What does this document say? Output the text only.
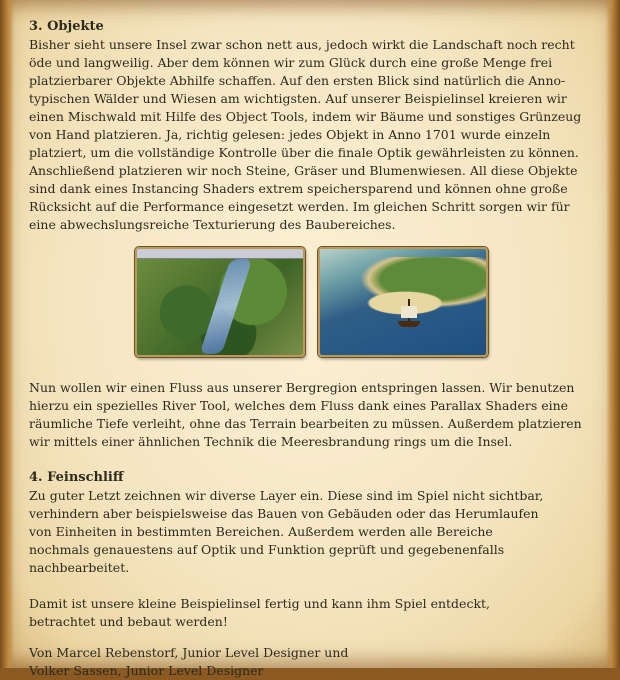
3. Objekte

Bisher sieht unsere Insel zwar schon nett aus, jedoch wirkt die Landschaft noch recht öde und langweilig. Aber dem können wir zum Glück durch eine große Menge frei platzierbarer Objekte Abhilfe schaffen. Auf den ersten Blick sind natürlich die Anno-typischen Wälder und Wiesen am wichtigsten. Auf unserer Beispielinsel kreieren wir einen Mischwald mit Hilfe des Object Tools, indem wir Bäume und sonstiges Grünzeug von Hand platzieren. Ja, richtig gelesen: jedes Objekt in Anno 1701 wurde einzeln platziert, um die vollständige Kontrolle über die finale Optik gewährleisten zu können. Anschließend platzieren wir noch Steine, Gräser und Blumenwiesen. All diese Objekte sind dank eines Instancing Shaders extrem speichersparend und können ohne große Rücksicht auf die Performance eingesetzt werden. Im gleichen Schritt sorgen wir für eine abwechslungsreiche Texturierung des Baubereiches.

Nun wollen wir einen Fluss aus unserer Bergregion entspringen lassen. Wir benutzen hierzu ein spezielles River Tool, welches dem Fluss dank eines Parallax Shaders eine räumliche Tiefe verleiht, ohne das Terrain bearbeiten zu müssen. Außerdem platzieren wir mittels einer ähnlichen Technik die Meeresbrandung rings um die Insel.

4. Feinschliff

Zu guter Letzt zeichnen wir diverse Layer ein. Diese sind im Spiel nicht sichtbar,

verhindern aber beispielsweise das Bauen von Gebäuden oder das Herumlaufen

von Einheiten in bestimmten Bereichen. Außerdem werden alle Bereiche

nochmals genauestens auf Optik und Funktion geprüft und gegebenenfalls

nachbearbeitet.

Damit ist unsere kleine Beispielinsel fertig und kann ihm Spiel entdeckt,

betrachtet und bebaut werden!

Von Marcel Rebenstorf, Junior Level Designer und

Volker Sassen, Junior Level Designer
